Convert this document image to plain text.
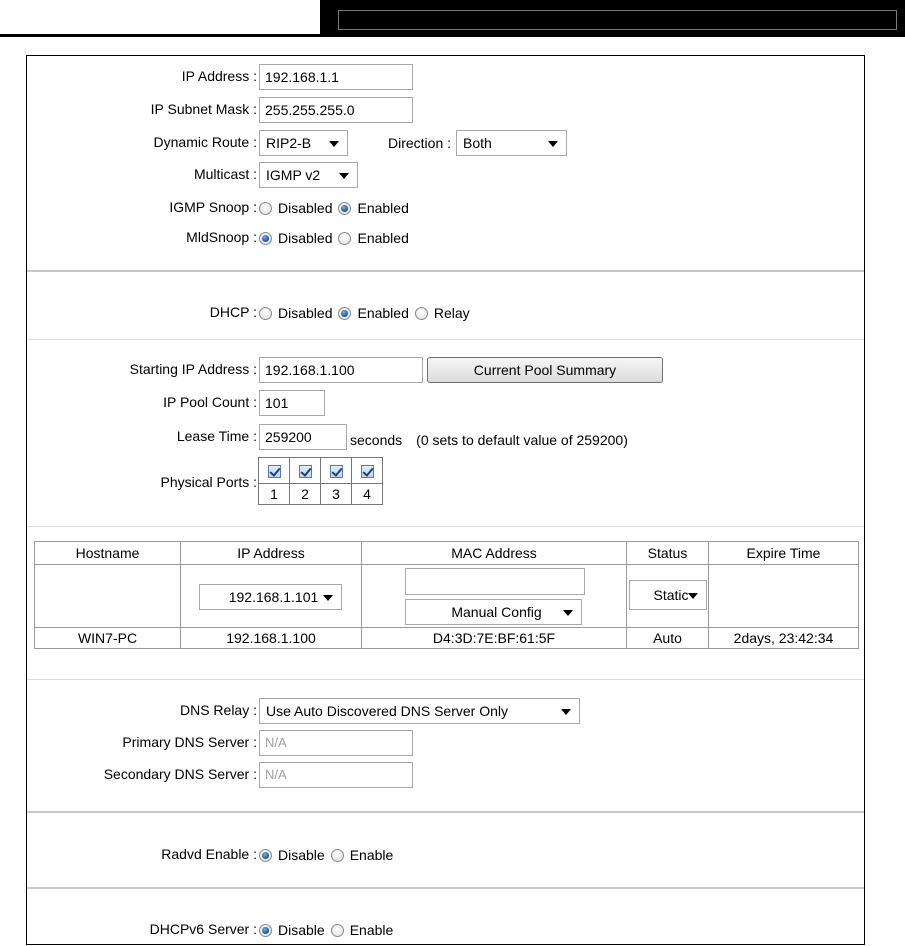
IP Address : 192.168.1.1
IP Subnet Mask : 255.255.255.0
Dynamic Route : RIP2-B	Direction : Both
Multicast : IGMP v2
IGMP Snoop : Disabled Enabled
MldSnoop : Disabled Enabled
DHCP : Disabled Enabled Relay
Starting IP Address : 192.168.1.100	Current Pool Summary
IP Pool Count : 101
Lease Time : 259200	seconds (0 sets to default value of 259200)
Physical Ports :

1	2	3	4
Hostname	IP Address	MAC Address	Status	Expire Time

	192.168.1.101	Manual Config	Static	

WIN7-PC	192.168.1.100	D4:3D:7E:BF:61:5F	Auto	2days, 23:42:34
DNS Relay : Use Auto Discovered DNS Server Only
Primary DNS Server : N/A
Secondary DNS Server : N/A
Radvd Enable : Disable Enable
DHCPv6 Server : Disable Enable
